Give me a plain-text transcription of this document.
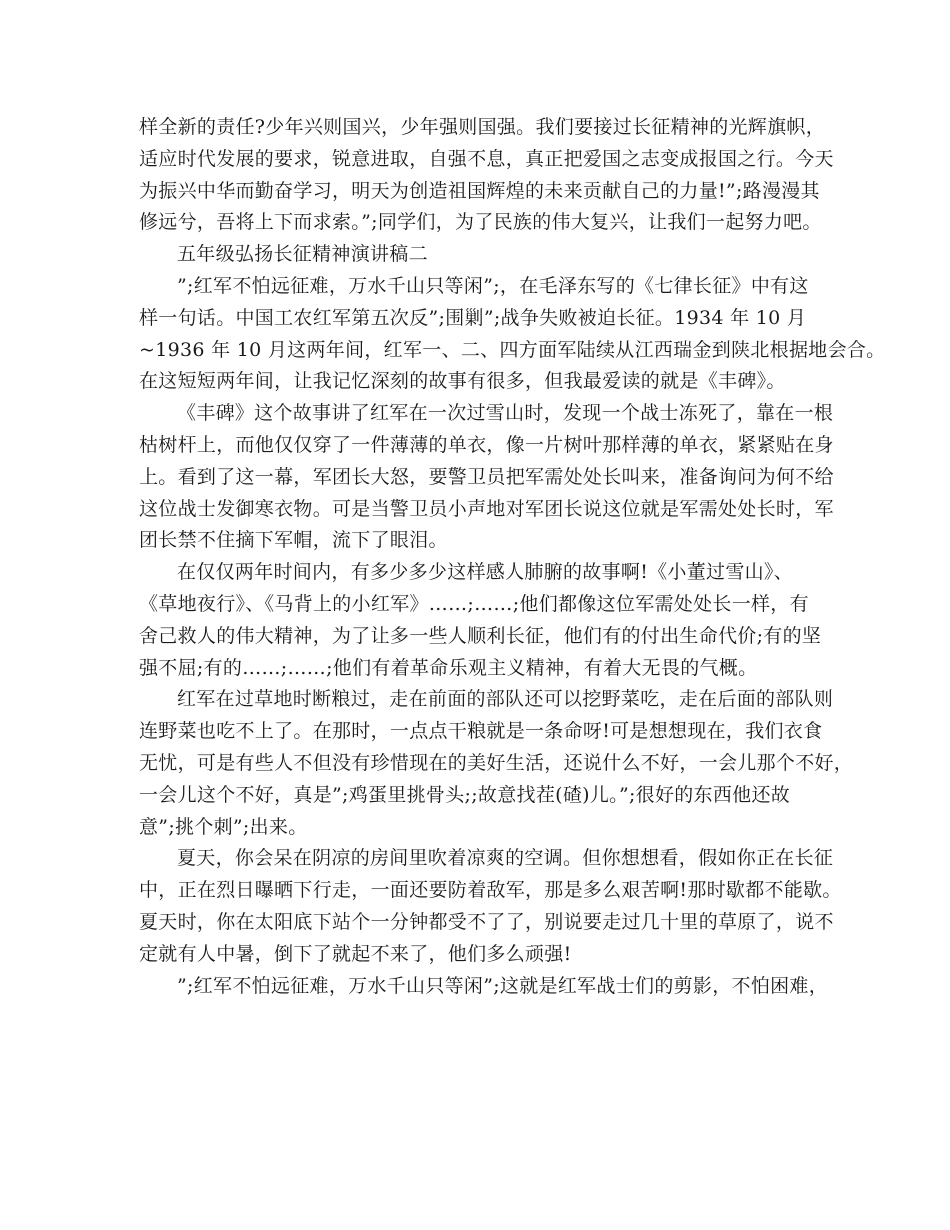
样全新的责任?少年兴则国兴，少年强则国强。我们要接过长征精神的光辉旗帜，
适应时代发展的要求，锐意进取，自强不息，真正把爱国之志变成报国之行。今天
为振兴中华而勤奋学习，明天为创造祖国辉煌的未来贡献自己的力量!”;路漫漫其
修远兮，吾将上下而求索。”;同学们，为了民族的伟大复兴，让我们一起努力吧。

五年级弘扬长征精神演讲稿二

”;红军不怕远征难，万水千山只等闲”;，在毛泽东写的《七律长征》中有这
样一句话。中国工农红军第五次反”;围剿”;战争失败被迫长征。1934 年 10 月
~1936 年 10 月这两年间，红军一、二、四方面军陆续从江西瑞金到陕北根据地会合。
在这短短两年间，让我记忆深刻的故事有很多，但我最爱读的就是《丰碑》。

《丰碑》这个故事讲了红军在一次过雪山时，发现一个战士冻死了，靠在一根
枯树杆上，而他仅仅穿了一件薄薄的单衣，像一片树叶那样薄的单衣，紧紧贴在身
上。看到了这一幕，军团长大怒，要警卫员把军需处处长叫来，准备询问为何不给
这位战士发御寒衣物。可是当警卫员小声地对军团长说这位就是军需处处长时，军
团长禁不住摘下军帽，流下了眼泪。

在仅仅两年时间内，有多少多少这样感人肺腑的故事啊!《小董过雪山》、
《草地夜行》、《马背上的小红军》……;……;他们都像这位军需处处长一样，有
舍己救人的伟大精神，为了让多一些人顺利长征，他们有的付出生命代价;有的坚
强不屈;有的……;……;他们有着革命乐观主义精神，有着大无畏的气概。

红军在过草地时断粮过，走在前面的部队还可以挖野菜吃，走在后面的部队则
连野菜也吃不上了。在那时，一点点干粮就是一条命呀!可是想想现在，我们衣食
无忧，可是有些人不但没有珍惜现在的美好生活，还说什么不好，一会儿那个不好，
一会儿这个不好，真是”;鸡蛋里挑骨头;;故意找茬(碴)儿。”;很好的东西他还故
意”;挑个刺”;出来。

夏天，你会呆在阴凉的房间里吹着凉爽的空调。但你想想看，假如你正在长征
中，正在烈日曝晒下行走，一面还要防着敌军，那是多么艰苦啊!那时歇都不能歇。
夏天时，你在太阳底下站个一分钟都受不了了，别说要走过几十里的草原了，说不
定就有人中暑，倒下了就起不来了，他们多么顽强!

”;红军不怕远征难，万水千山只等闲”;这就是红军战士们的剪影，不怕困难，
